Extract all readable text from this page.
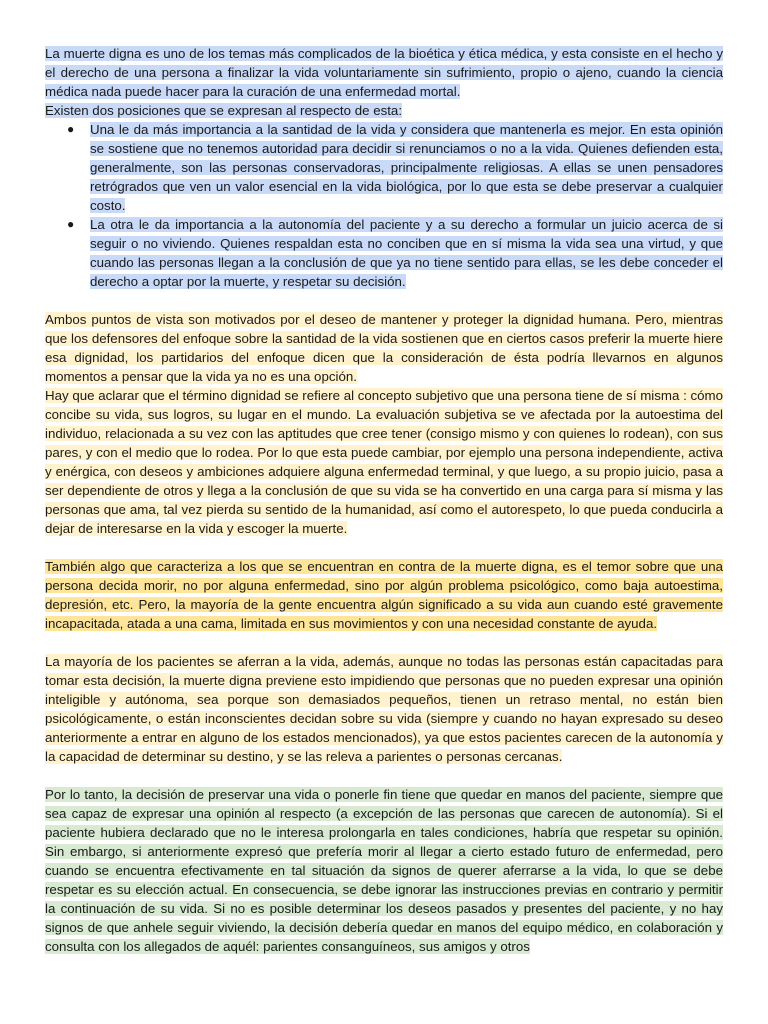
La muerte digna es uno de los temas más complicados de la bioética y ética médica, y esta consiste en el hecho y el derecho de una persona a finalizar la vida voluntariamente sin sufrimiento, propio o ajeno, cuando la ciencia médica nada puede hacer para la curación de una enfermedad mortal.

Existen dos posiciones que se expresan al respecto de esta:

● Una le da más importancia a la santidad de la vida y considera que mantenerla es mejor. En esta opinión se sostiene que no tenemos autoridad para decidir si renunciamos o no a la vida. Quienes defienden esta, generalmente, son las personas conservadoras, principalmente religiosas. A ellas se unen pensadores retrógrados que ven un valor esencial en la vida biológica, por lo que esta se debe preservar a cualquier costo.
● La otra le da importancia a la autonomía del paciente y a su derecho a formular un juicio acerca de si seguir o no viviendo. Quienes respaldan esta no conciben que en sí misma la vida sea una virtud, y que cuando las personas llegan a la conclusión de que ya no tiene sentido para ellas, se les debe conceder el derecho a optar por la muerte, y respetar su decisión.

Ambos puntos de vista son motivados por el deseo de mantener y proteger la dignidad humana. Pero, mientras que los defensores del enfoque sobre la santidad de la vida sostienen que en ciertos casos preferir la muerte hiere esa dignidad, los partidarios del enfoque dicen que la consideración de ésta podría llevarnos en algunos momentos a pensar que la vida ya no es una opción.

Hay que aclarar que el término dignidad se refiere al concepto subjetivo que una persona tiene de sí misma : cómo concibe su vida, sus logros, su lugar en el mundo. La evaluación subjetiva se ve afectada por la autoestima del individuo, relacionada a su vez con las aptitudes que cree tener (consigo mismo y con quienes lo rodean), con sus pares, y con el medio que lo rodea. Por lo que esta puede cambiar, por ejemplo una persona independiente, activa y enérgica, con deseos y ambiciones adquiere alguna enfermedad terminal, y que luego, a su propio juicio, pasa a ser dependiente de otros y llega a la conclusión de que su vida se ha convertido en una carga para sí misma y las personas que ama, tal vez pierda su sentido de la humanidad, así como el autorespeto, lo que pueda conducirla a dejar de interesarse en la vida y escoger la muerte.

También algo que caracteriza a los que se encuentran en contra de la muerte digna, es el temor sobre que una persona decida morir, no por alguna enfermedad, sino por algún problema psicológico, como baja autoestima, depresión, etc. Pero, la mayoría de la gente encuentra algún significado a su vida aun cuando esté gravemente incapacitada, atada a una cama, limitada en sus movimientos y con una necesidad constante de ayuda.

La mayoría de los pacientes se aferran a la vida, además, aunque no todas las personas están capacitadas para tomar esta decisión, la muerte digna previene esto impidiendo que personas que no pueden expresar una opinión inteligible y autónoma, sea porque son demasiados pequeños, tienen un retraso mental, no están bien psicológicamente, o están inconscientes decidan sobre su vida (siempre y cuando no hayan expresado su deseo anteriormente a entrar en alguno de los estados mencionados), ya que estos pacientes carecen de la autonomía y la capacidad de determinar su destino, y se las releva a parientes o personas cercanas.

Por lo tanto, la decisión de preservar una vida o ponerle fin tiene que quedar en manos del paciente, siempre que sea capaz de expresar una opinión al respecto (a excepción de las personas que carecen de autonomía). Si el paciente hubiera declarado que no le interesa prolongarla en tales condiciones, habría que respetar su opinión. Sin embargo, si anteriormente expresó que prefería morir al llegar a cierto estado futuro de enfermedad, pero cuando se encuentra efectivamente en tal situación da signos de querer aferrarse a la vida, lo que se debe respetar es su elección actual. En consecuencia, se debe ignorar las instrucciones previas en contrario y permitir la continuación de su vida. Si no es posible determinar los deseos pasados y presentes del paciente, y no hay signos de que anhele seguir viviendo, la decisión debería quedar en manos del equipo médico, en colaboración y consulta con los allegados de aquél: parientes consanguíneos, sus amigos y otros
